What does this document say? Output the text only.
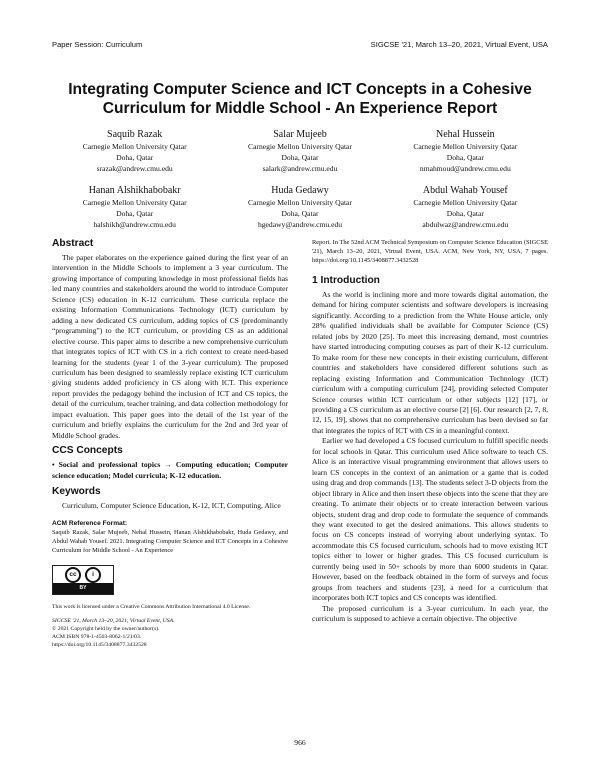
Paper Session: Curriculum	SIGCSE '21, March 13–20, 2021, Virtual Event, USA
Integrating Computer Science and ICT Concepts in a Cohesive
Curriculum for Middle School - An Experience Report
Saquib Razak
Carnegie Mellon University Qatar
Doha, Qatar
srazak@andrew.cmu.edu
Salar Mujeeb
Carnegie Mellon University Qatar
Doha, Qatar
salark@andrew.cmu.edu
Nehal Hussein
Carnegie Mellon University Qatar
Doha, Qatar
nmahmoud@andrew.cmu.edu
Hanan Alshikhabobakr
Carnegie Mellon University Qatar
Doha, Qatar
halshikh@andrew.cmu.edu
Huda Gedawy
Carnegie Mellon University Qatar
Doha, Qatar
hgedawy@andrew.cmu.edu
Abdul Wahab Yousef
Carnegie Mellon University Qatar
Doha, Qatar
abdulwaz@andrew.cmu.edu
Abstract

The paper elaborates on the experience gained during the first year of an intervention in the Middle Schools to implement a 3 year curriculum. The growing importance of computing knowledge in most professional fields has led many countries and stakeholders around the world to introduce Computer Science (CS) education in K-12 curriculum. These curricula replace the existing Information Communications Technology (ICT) curriculum by adding a new dedicated CS curriculum, adding topics of CS (predominantly “programming”) to the ICT curriculum, or providing CS as an additional elective course. This paper aims to describe a new comprehensive curriculum that integrates topics of ICT with CS in a rich context to create need-based learning for the students (year 1 of the 3-year curriculum). The proposed curriculum has been designed to seamlessly replace existing ICT curriculum giving students added proficiency in CS along with ICT. This experience report provides the pedagogy behind the inclusion of ICT and CS topics, the detail of the curriculum, teacher training, and data collection methodology for impact evaluation. This paper goes into the detail of the 1st year of the curriculum and briefly explains the curriculum for the 2nd and 3rd year of Middle School grades.

CCS Concepts

• Social and professional topics → Computing education; Computer science education; Model curricula; K-12 education.

Keywords

Curriculum, Computer Science Education, K-12, ICT, Computing, Alice

ACM Reference Format:

Saquib Razak, Salar Mujeeb, Nehal Hussein, Hanan Alshikhabobakr, Huda Gedawy, and Abdul Wahab Yousef. 2021. Integrating Computer Science and ICT Concepts in a Cohesive Curriculum for Middle School - An Experience

cc	i
BY
This work is licensed under a Creative Commons Attribution International 4.0 License.
SIGCSE '21, March 13–20, 2021, Virtual Event, USA.
© 2021 Copyright held by the owner/author(s).
ACM ISBN 978-1-4503-8062-1/21/03.
https://doi.org/10.1145/3408877.3432528

Report. In The 52nd ACM Technical Symposium on Computer Science Education (SIGCSE '21), March 13–20, 2021, Virtual Event, USA. ACM, New York, NY, USA, 7 pages. https://doi.org/10.1145/3408877.3432528

1 Introduction

As the world is inclining more and more towards digital automation, the demand for hiring computer scientists and software developers is increasing significantly. According to a prediction from the White House article, only 28% qualified individuals shall be available for Computer Science (CS) related jobs by 2020 [25]. To meet this increasing demand, most countries have started introducing computing courses as part of their K-12 curriculum. To make room for these new concepts in their existing curriculum, different countries and stakeholders have considered different solutions such as replacing existing Information and Communication Technology (ICT) curriculum with a computing curriculum [24], providing selected Computer Science courses within ICT curriculum or other subjects [12] [17], or providing a CS curriculum as an elective course [2] [6]. Our research [2, 7, 8, 12, 15, 19], shows that no comprehensive curriculum has been devised so far that integrates the topics of ICT with CS in a meaningful context.

Earlier we had developed a CS focused curriculum to fulfill specific needs for local schools in Qatar. This curriculum used Alice software to teach CS. Alice is an interactive visual programming environment that allows users to learn CS concepts in the context of an animation or a game that is coded using drag and drop commands [13]. The students select 3-D objects from the object library in Alice and then insert these objects into the scene that they are creating. To animate their objects or to create interaction between various objects, student drag and drop code to formulate the sequence of commands they want executed to get the desired animations. This allows students to focus on CS concepts instead of worrying about underlying syntax. To accommodate this CS focused curriculum, schools had to move existing ICT topics either to lower or higher grades. This CS focused curriculum is currently being used in 50+ schools by more than 6000 students in Qatar. However, based on the feedback obtained in the form of surveys and focus groups from teachers and students [23], a need for a curriculum that incorporates both ICT topics and CS concepts was identified.

The proposed curriculum is a 3-year curriculum. In each year, the curriculum is supposed to achieve a certain objective. The objective

966
